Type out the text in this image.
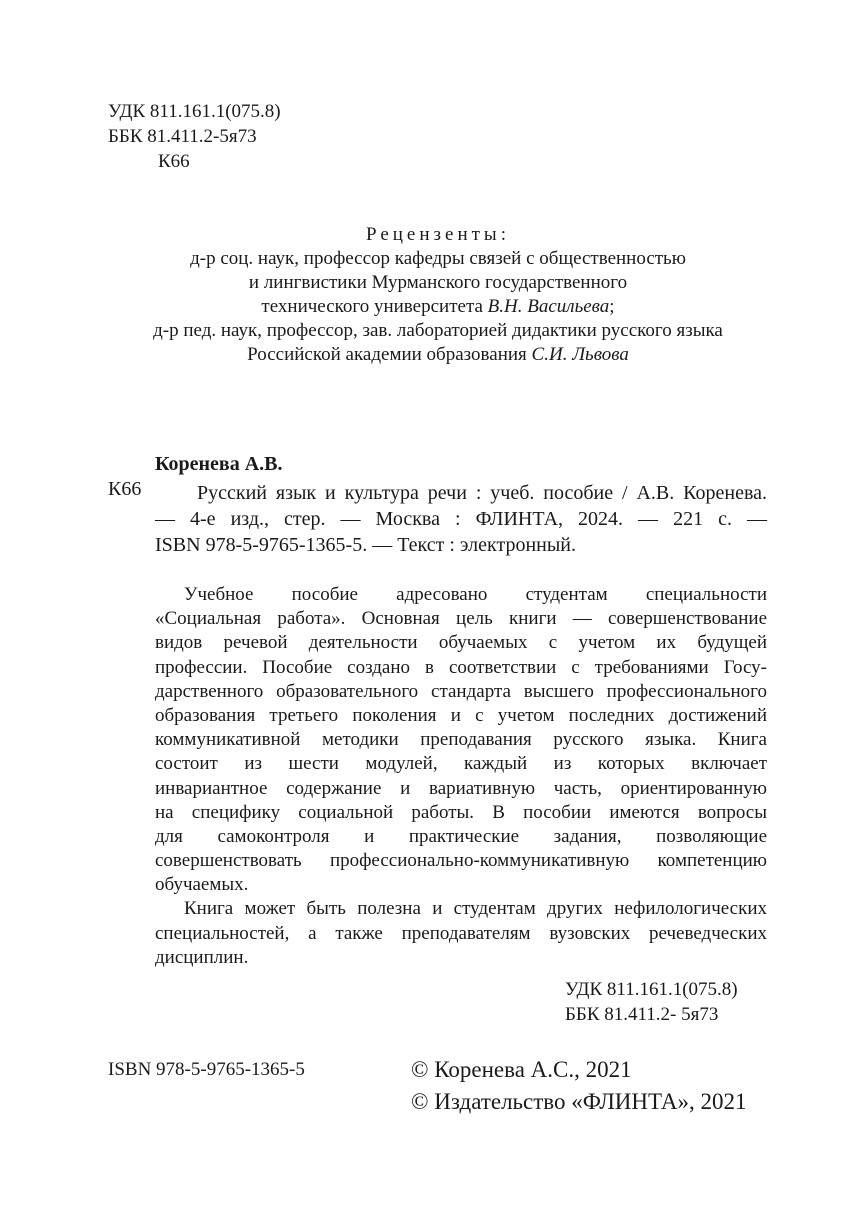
УДК 811.161.1(075.8)

ББК 81.411.2-5я73

К66

Рецензенты:
д-р соц. наук, профессор кафедры связей с общественностью
и лингвистики Мурманского государственного
технического университета В.Н. Васильева;
д-р пед. наук, профессор, зав. лабораторией дидактики русского языка
Российской академии образования С.И. Львова

Коренева А.В.

К66	Русский язык и культура речи : учеб. пособие / А.В. Коренева.
— 4-е изд., стер. — Москва : ФЛИНТА, 2024. — 221 с. —
ISBN 978-5-9765-1365-5. — Текст : электронный.
Учебное пособие адресовано студентам специальности
«Социальная работа». Основная цель книги — совершенствование
видов речевой деятельности обучаемых с учетом их будущей
профессии. Пособие создано в соответствии с требованиями Госу-
дарственного образовательного стандарта высшего профессионального
образования третьего поколения и с учетом последних достижений
коммуникативной методики преподавания русского языка. Книга
состоит из шести модулей, каждый из которых включает
инвариантное содержание и вариативную часть, ориентированную
на специфику социальной работы. В пособии имеются вопросы
для самоконтроля и практические задания, позволяющие
совершенствовать профессионально-коммуникативную компетенцию
обучаемых.
Книга может быть полезна и студентам других нефилологических
специальностей, а также преподавателям вузовских речеведческих
дисциплин.

УДК 811.161.1(075.8)

ББК 81.411.2- 5я73

ISBN 978-5-9765-1365-5	© Коренева А.С., 2021

© Издательство «ФЛИНТА», 2021
